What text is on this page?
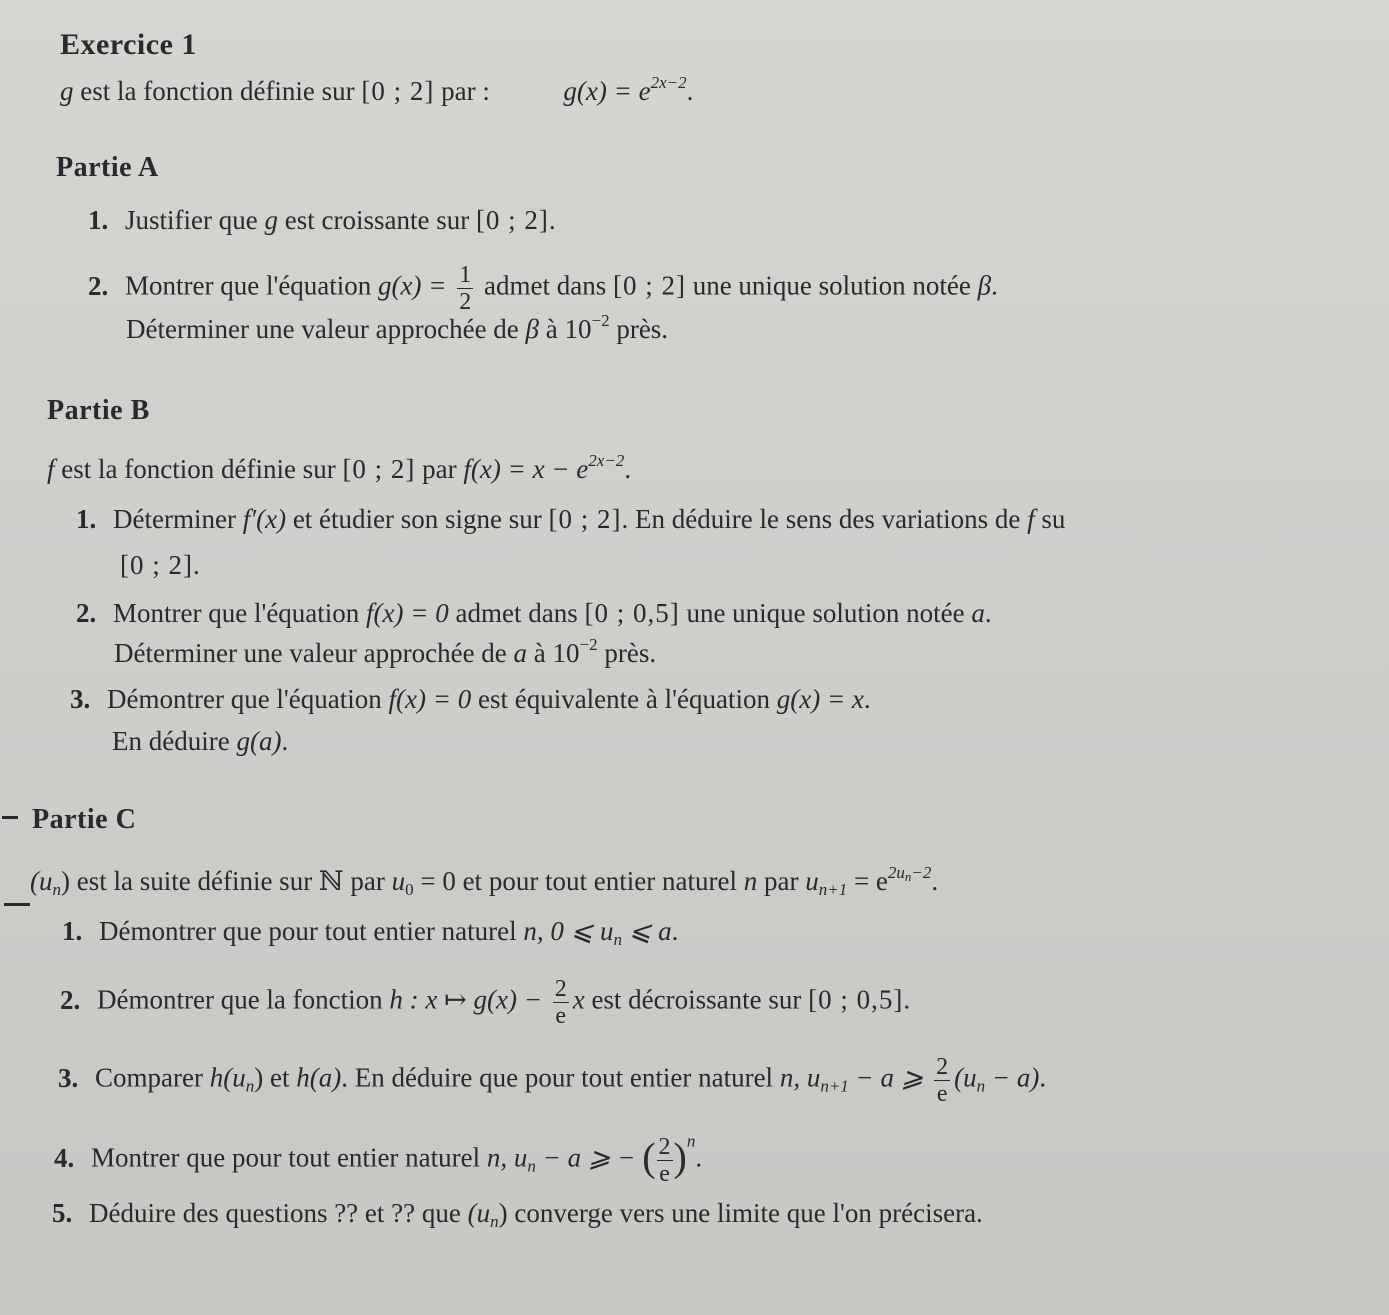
Exercice 1
g est la fonction définie sur [0 ; 2] par :	$g(x) = e^{2x-2}$.
Partie A
1. Justifier que g est croissante sur [0 ; 2].
2. Montrer que l'équation $g(x) = \frac{1}{2}$ admet dans [0 ; 2] une unique solution notée β.
Déterminer une valeur approchée de β à $10^{-2}$ près.
Partie B
f est la fonction définie sur [0 ; 2] par $f(x) = x - e^{2x-2}$.
1. Déterminer f′(x) et étudier son signe sur [0 ; 2]. En déduire le sens des variations de f su
[0 ; 2].
2. Montrer que l'équation f(x) = 0 admet dans [0 ; 0,5] une unique solution notée a.
Déterminer une valeur approchée de a à $10^{-2}$ près.
3. Démontrer que l'équation f(x) = 0 est équivalente à l'équation g(x) = x.
En déduire g(a).
Partie C
$(u_n)$ est la suite définie sur ℕ par $u_0 = 0$ et pour tout entier naturel n par $u_{n+1} = e^{2u_n-2}$.
1. Démontrer que pour tout entier naturel n, 0 ⩽ $u_n$ ⩽ a.
2. Démontrer que la fonction h : x ↦ $g(x) - \frac{2}{e}$ x est décroissante sur [0 ; 0,5].
3. Comparer $h(u_n)$ et h(a). En déduire que pour tout entier naturel n, $u_{n+1} - a$ ⩾ $\frac{2}{e} (u_n - a)$.
4. Montrer que pour tout entier naturel n, $u_n - a$ ⩾ − ( $\frac{2}{e} )^n$.
5. Déduire des questions ?? et ?? que $(u_n)$ converge vers une limite que l'on précisera.
